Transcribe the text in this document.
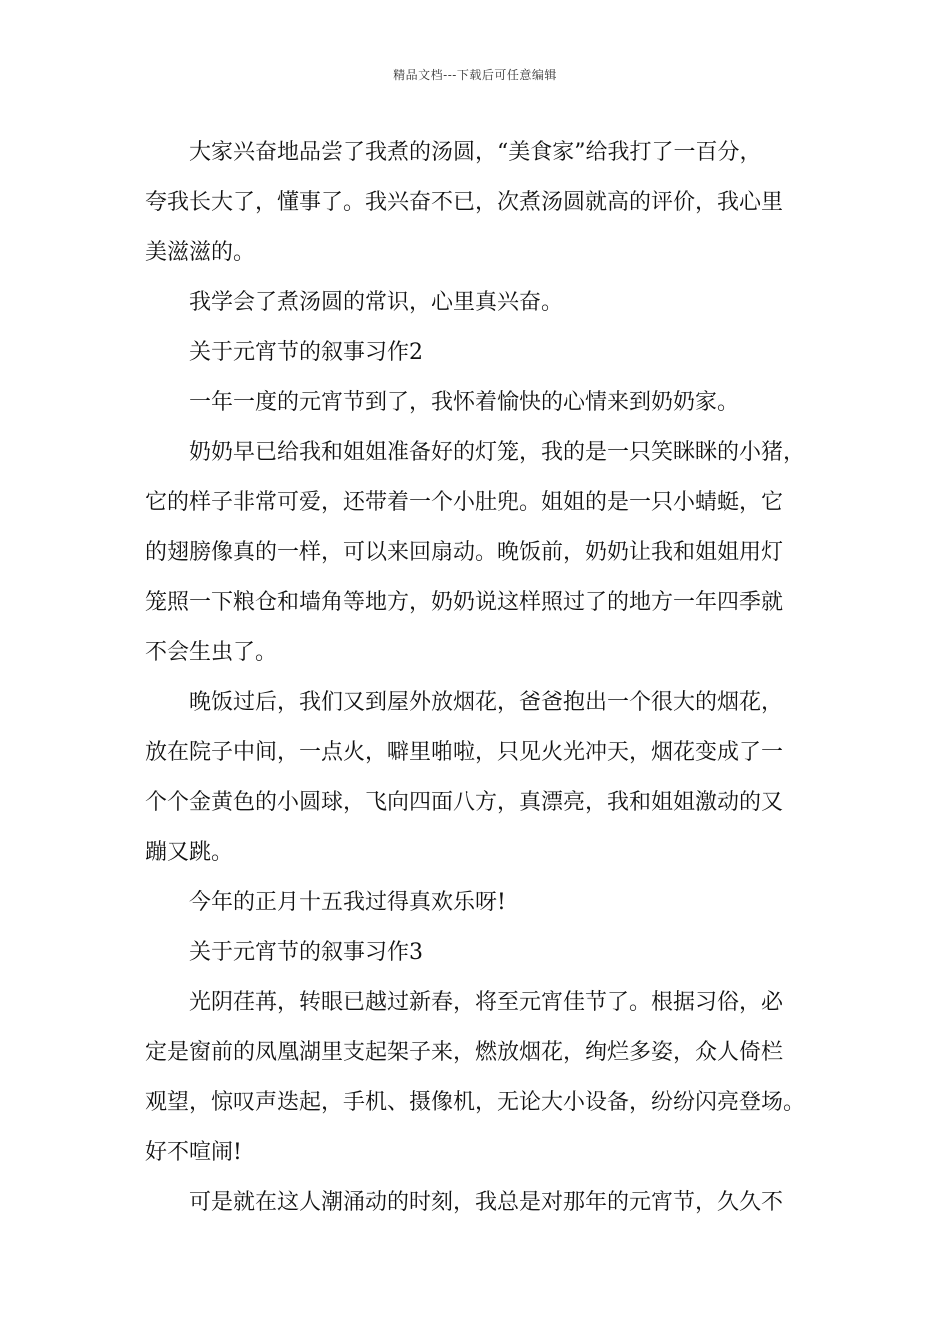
精品文档---下载后可任意编辑
大家兴奋地品尝了我煮的汤圆，“美食家”给我打了一百分，
夸我长大了，懂事了。我兴奋不已，次煮汤圆就高的评价，我心里
美滋滋的。
我学会了煮汤圆的常识，心里真兴奋。
关于元宵节的叙事习作2
一年一度的元宵节到了，我怀着愉快的心情来到奶奶家。
奶奶早已给我和姐姐准备好的灯笼，我的是一只笑眯眯的小猪，
它的样子非常可爱，还带着一个小肚兜。姐姐的是一只小蜻蜓，它
的翅膀像真的一样，可以来回扇动。晚饭前，奶奶让我和姐姐用灯
笼照一下粮仓和墙角等地方，奶奶说这样照过了的地方一年四季就
不会生虫了。
晚饭过后，我们又到屋外放烟花，爸爸抱出一个很大的烟花，
放在院子中间，一点火，噼里啪啦，只见火光冲天，烟花变成了一
个个金黄色的小圆球，飞向四面八方，真漂亮，我和姐姐激动的又
蹦又跳。
今年的正月十五我过得真欢乐呀!
关于元宵节的叙事习作3
光阴荏苒，转眼已越过新春，将至元宵佳节了。根据习俗，必
定是窗前的凤凰湖里支起架子来，燃放烟花，绚烂多姿，众人倚栏
观望，惊叹声迭起，手机、摄像机，无论大小设备，纷纷闪亮登场。
好不喧闹!
可是就在这人潮涌动的时刻，我总是对那年的元宵节，久久不
